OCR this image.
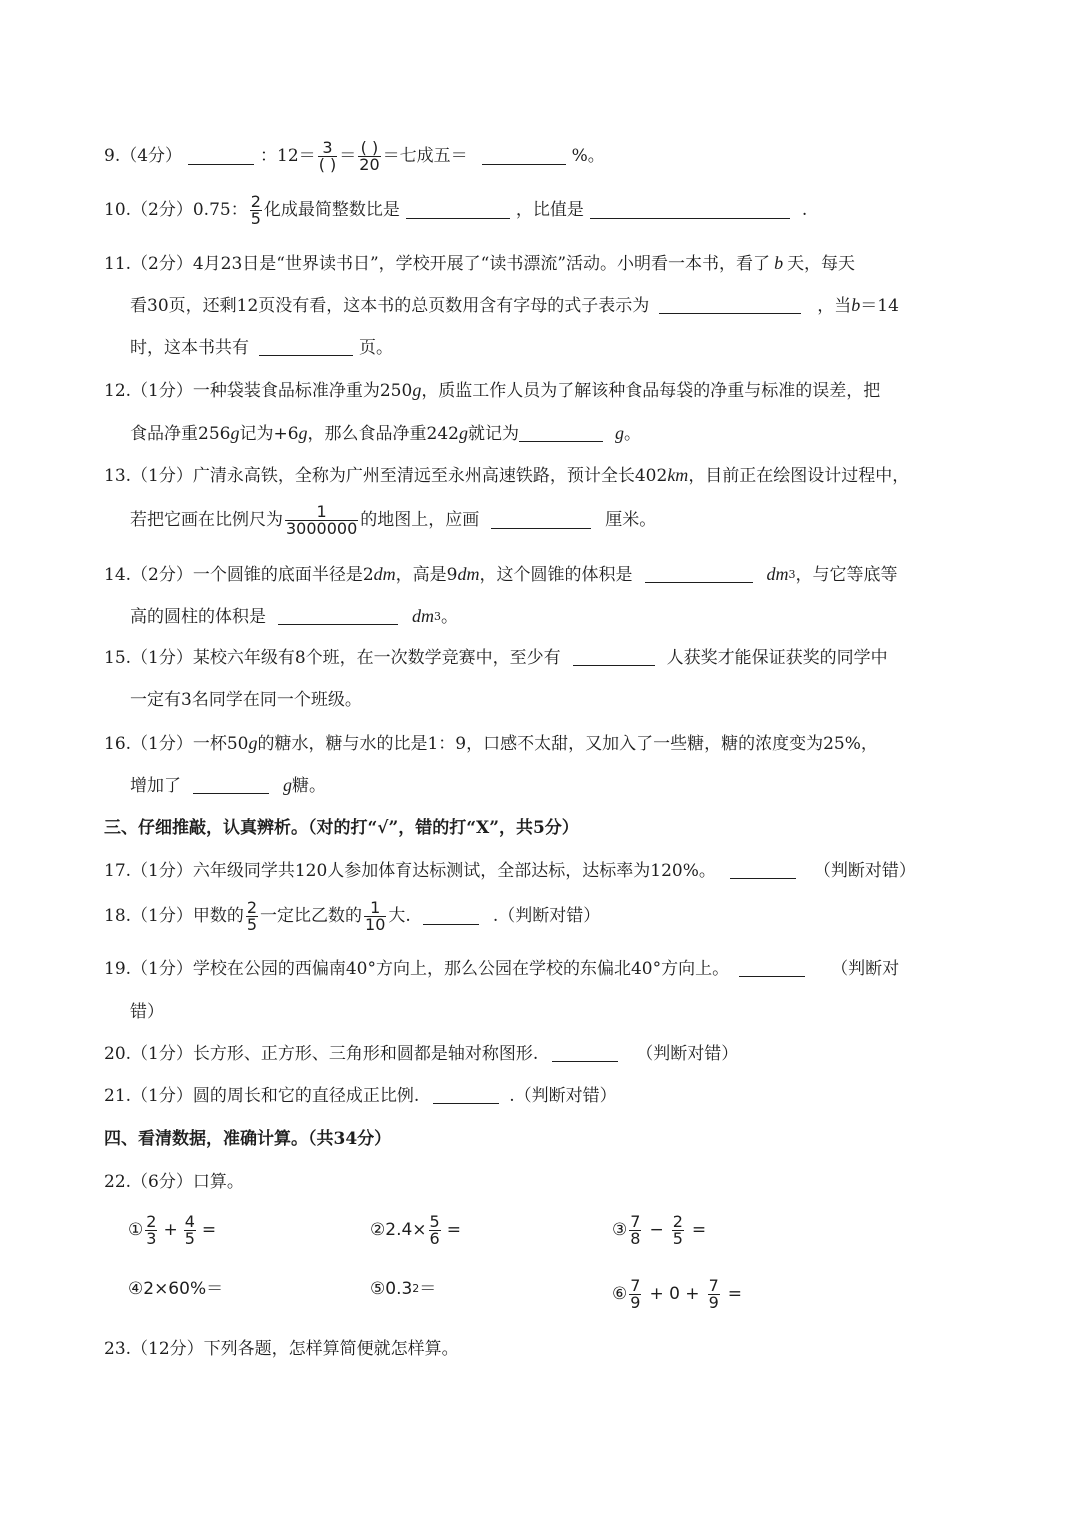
9.（4分）	：$12= \frac{3}{( )} = \frac{( )}{20}$ ＝七成五＝	%。
10.（2分）0.75： $\frac{2}{5}$ 化成最简整数比是	，比值是	.
11.（2分）4月23日是“世界读书日”，学校开展了“读书漂流”活动。小明看一本书，看了 b 天，每天
看30页，还剩12页没有看，这本书的总页数用含有字母的式子表示为	，当 b ＝14
时，这本书共有	页。
12.（1分）一种袋装食品标准净重为250 g ，质监工作人员为了解该种食品每袋的净重与标准的误差，把
食品净重256 g 记为+6 g ，那么食品净重242 g 就记为	g 。
13.（1分）广清永高铁，全称为广州至清远至永州高速铁路，预计全长402 km ，目前正在绘图设计过程中，
若把它画在比例尺为 $\frac{1}{3000000}$ 的地图上，应画	厘米。
14.（2分）一个圆锥的底面半径是2 dm ，高是9 dm ，这个圆锥的体积是	dm 3 ，与它等底等
高的圆柱的体积是	dm 3 。
15.（1分）某校六年级有8个班，在一次数学竞赛中，至少有	人获奖才能保证获奖的同学中
一定有3名同学在同一个班级。
16.（1分）一杯50 g 的糖水，糖与水的比是1：9，口感不太甜，又加入了一些糖，糖的浓度变为25%，
增加了	g 糖。
三、仔细推敲，认真辨析。（对的打“√”，错的打“X”，共5分）
17.（1分）六年级同学共120人参加体育达标测试，全部达标，达标率为120%。	（判断对错）
18.（1分）甲数的 $\frac{2}{5}$ 一定比乙数的 $\frac{1}{10}$ 大.	.（判断对错）
19.（1分）学校在公园的西偏南40°方向上，那么公园在学校的东偏北40°方向上。	（判断对
错）
20.（1分）长方形、正方形、三角形和圆都是轴对称图形.	（判断对错）
21.（1分）圆的周长和它的直径成正比例.	.（判断对错）
四、看清数据，准确计算。（共34分）
22.（6分）口算。
① $\frac{2}{3} + \frac{4}{5}$ =	② $2.4\times \frac{5}{6}$ =	③ $\frac{7}{8} - \frac{2}{5}$ =
④ 2×60%＝	⑤ 0.3 2 ＝	⑥ $\frac{7}{9} + 0 + \frac{7}{9}$ =
23.（12分）下列各题，怎样算简便就怎样算。
